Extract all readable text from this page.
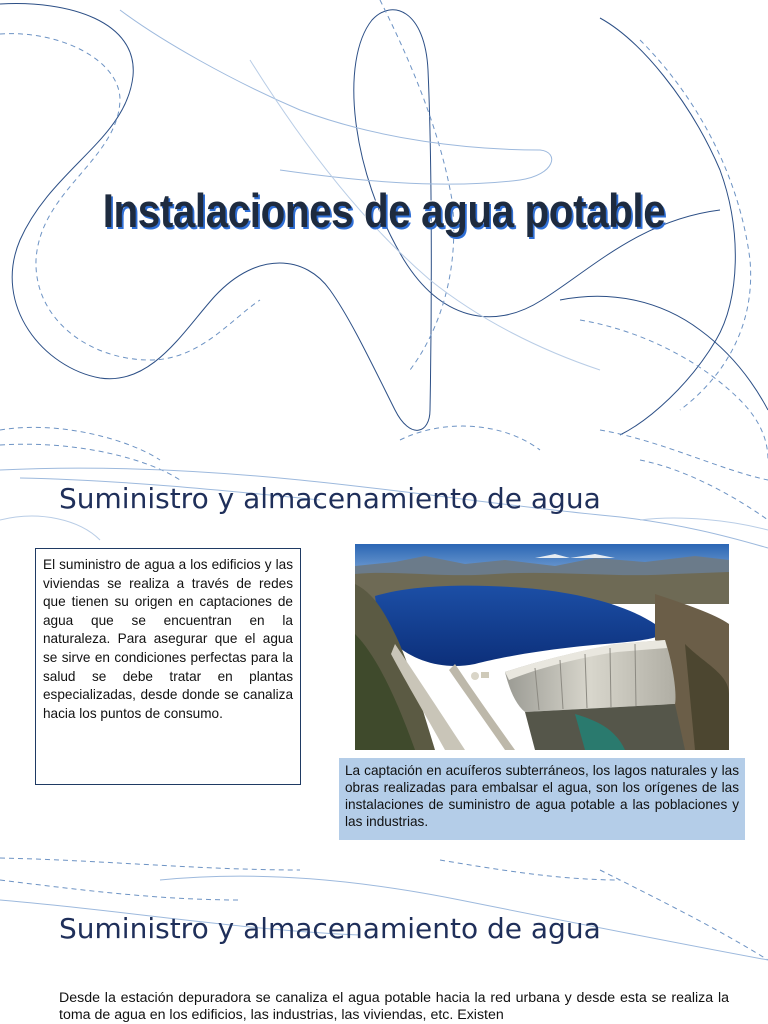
Instalaciones de agua potable
Suministro y almacenamiento de agua
El suministro de agua a los edificios y las viviendas se realiza a través de redes que tienen su origen en captaciones de agua que se encuentran en la naturaleza. Para asegurar que el agua se sirve en condiciones perfectas para la salud se debe tratar en plantas especializadas, desde donde se canaliza hacia los puntos de consumo.
La captación en acuíferos subterráneos, los lagos naturales y las obras realizadas para embalsar el agua, son los orígenes de las instalaciones de suministro de agua potable a las poblaciones y las industrias.
Suministro y almacenamiento de agua
Desde la estación depuradora se canaliza el agua potable hacia la red urbana y desde esta se realiza la toma de agua en los edificios, las industrias, las viviendas, etc. Existen
